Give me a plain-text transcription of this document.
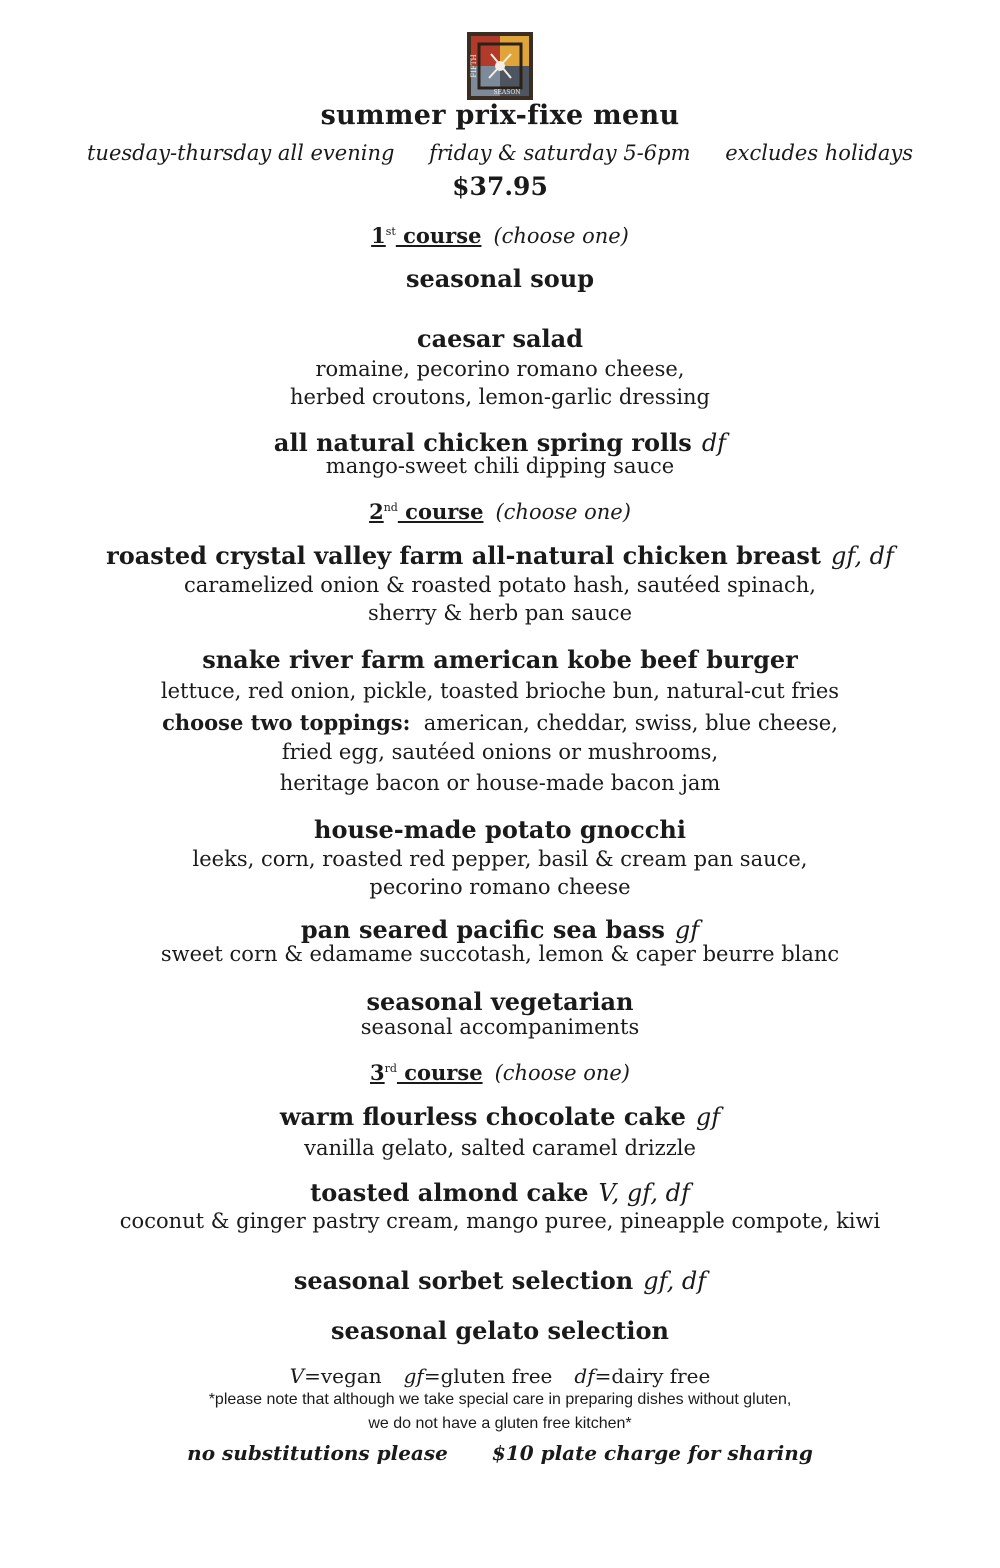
FIFTH
SEASON
summer prix-fixe menu
tuesday-thursday all evening friday & saturday 5-6pm excludes holidays
$37.95
1st course (choose one)
seasonal soup
caesar salad
romaine, pecorino romano cheese,
herbed croutons, lemon-garlic dressing
all natural chicken spring rolls df
mango-sweet chili dipping sauce
2nd course (choose one)
roasted crystal valley farm all-natural chicken breast gf, df
caramelized onion & roasted potato hash, sautéed spinach,
sherry & herb pan sauce
snake river farm american kobe beef burger
lettuce, red onion, pickle, toasted brioche bun, natural-cut fries
choose two toppings: american, cheddar, swiss, blue cheese,
fried egg, sautéed onions or mushrooms,
heritage bacon or house-made bacon jam
house-made potato gnocchi
leeks, corn, roasted red pepper, basil & cream pan sauce,
pecorino romano cheese
pan seared pacific sea bass gf
sweet corn & edamame succotash, lemon & caper beurre blanc
seasonal vegetarian
seasonal accompaniments
3rd course (choose one)
warm flourless chocolate cake gf
vanilla gelato, salted caramel drizzle
toasted almond cake V, gf, df
coconut & ginger pastry cream, mango puree, pineapple compote, kiwi
seasonal sorbet selection gf, df
seasonal gelato selection
V=vegan gf=gluten free df=dairy free
*please note that although we take special care in preparing dishes without gluten,
we do not have a gluten free kitchen*
no substitutions please $10 plate charge for sharing
